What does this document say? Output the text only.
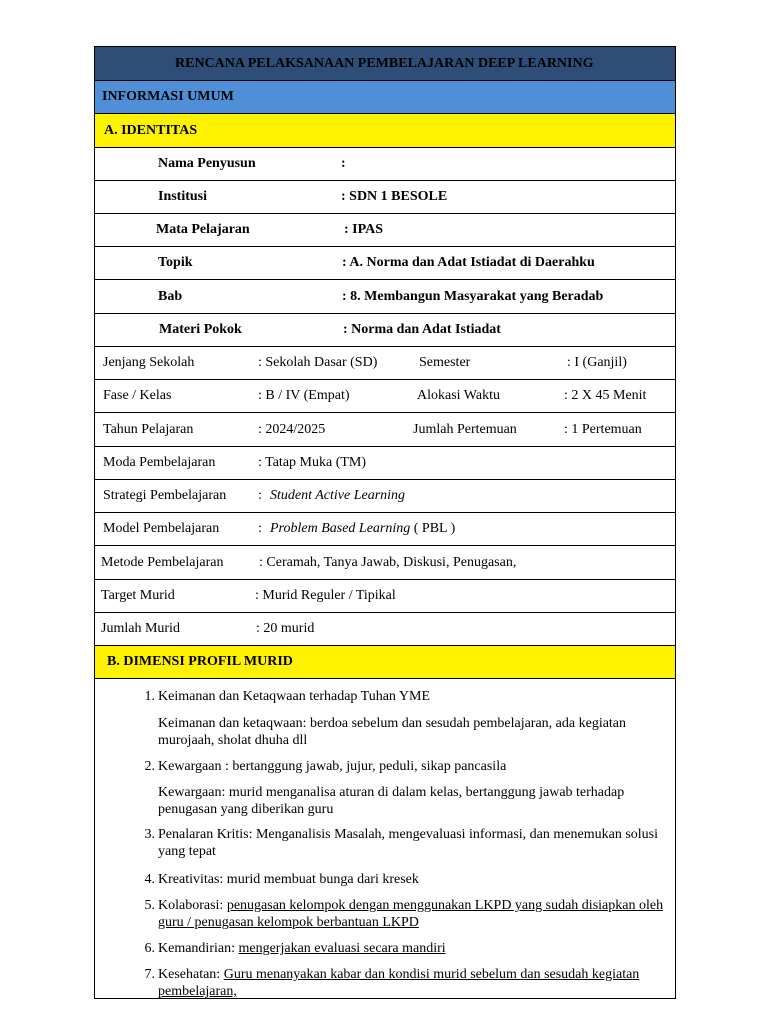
RENCANA PELAKSANAAN PEMBELAJARAN DEEP LEARNING
INFORMASI UMUM
A. IDENTITAS
Nama Penyusun	:
Institusi	: SDN 1 BESOLE
Mata Pelajaran	: IPAS
Topik	: A. Norma dan Adat Istiadat di Daerahku
Bab	: 8. Membangun Masyarakat yang Beradab
Materi Pokok	: Norma dan Adat Istiadat
Jenjang Sekolah	: Sekolah Dasar (SD)	Semester	: I (Ganjil)
Fase / Kelas	: B / IV (Empat)	Alokasi Waktu	: 2 X 45 Menit
Tahun Pelajaran	: 2024/2025	Jumlah Pertemuan	: 1 Pertemuan
Moda Pembelajaran	: Tatap Muka (TM)
Strategi Pembelajaran : Student Active Learning
Model Pembelajaran	: Problem Based Learning ( PBL )
Metode Pembelajaran	: Ceramah, Tanya Jawab, Diskusi, Penugasan,
Target Murid	: Murid Reguler / Tipikal
Jumlah Murid	: 20 murid
B. DIMENSI PROFIL MURID
1. Keimanan dan Ketaqwaan terhadap Tuhan YME
Keimanan dan ketaqwaan: berdoa sebelum dan sesudah pembelajaran, ada kegiatan murojaah, sholat dhuha dll
2. Kewargaan : bertanggung jawab, jujur, peduli, sikap pancasila
Kewargaan: murid menganalisa aturan di dalam kelas, bertanggung jawab terhadap penugasan yang diberikan guru
3. Penalaran Kritis: Menganalisis Masalah, mengevaluasi informasi, dan menemukan solusi yang tepat
4. Kreativitas: murid membuat bunga dari kresek
5. Kolaborasi: penugasan kelompok dengan menggunakan LKPD yang sudah disiapkan oleh guru / penugasan kelompok berbantuan LKPD
6. Kemandirian: mengerjakan evaluasi secara mandiri
7. Kesehatan: Guru menanyakan kabar dan kondisi murid sebelum dan sesudah kegiatan pembelajaran,
